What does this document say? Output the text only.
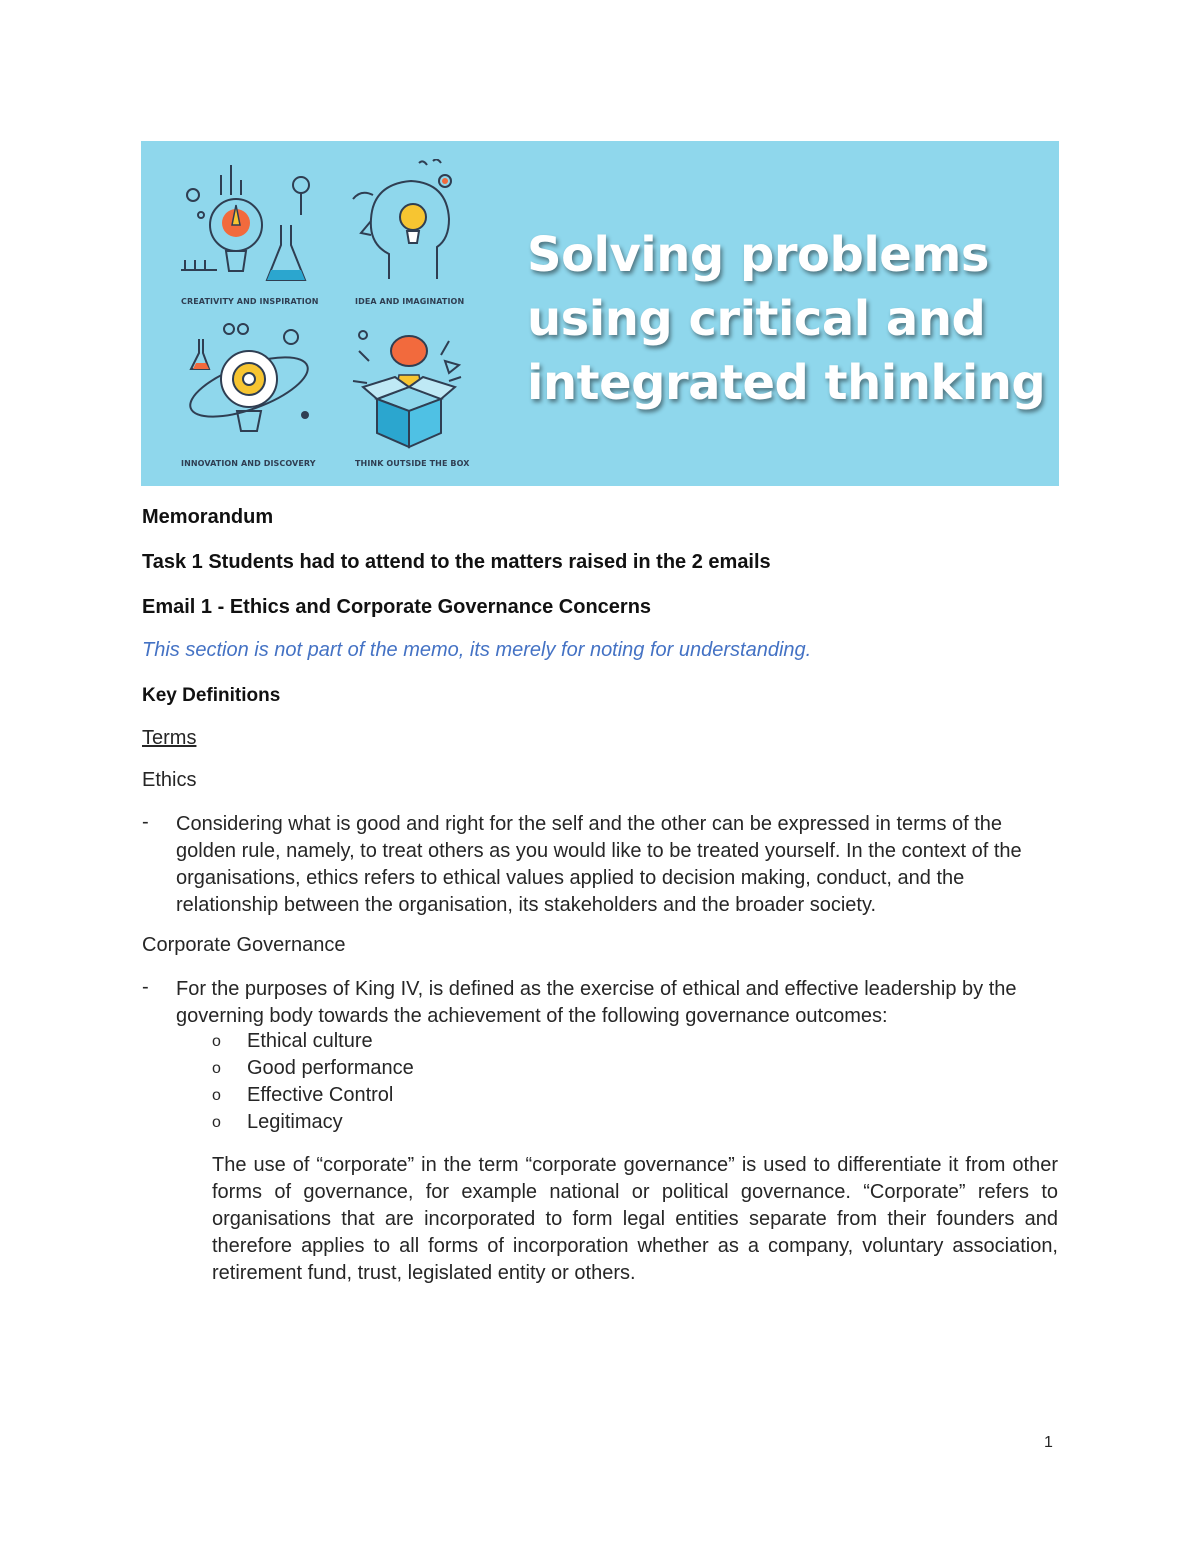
CREATIVITY AND INSPIRATION	IDEA AND IMAGINATION
INNOVATION AND DISCOVERY	THINK OUTSIDE THE BOX
Solving problems
using critical and
integrated thinking
Memorandum
Task 1 Students had to attend to the matters raised in the 2 emails
Email 1 - Ethics and Corporate Governance Concerns
This section is not part of the memo, its merely for noting for understanding.
Key Definitions
Terms
Ethics
- Considering what is good and right for the self and the other can be expressed in terms of the golden rule, namely, to treat others as you would like to be treated yourself. In the context of the organisations, ethics refers to ethical values applied to decision making, conduct, and the relationship between the organisation, its stakeholders and the broader society.
Corporate Governance
- For the purposes of King IV, is defined as the exercise of ethical and effective leadership by the governing body towards the achievement of the following governance outcomes:
o Ethical culture
o Good performance
o Effective Control
o Legitimacy
The use of “corporate” in the term “corporate governance” is used to differentiate it from other forms of governance, for example national or political governance. “Corporate” refers to organisations that are incorporated to form legal entities separate from their founders and therefore applies to all forms of incorporation whether as a company, voluntary association, retirement fund, trust, legislated entity or others.
1
